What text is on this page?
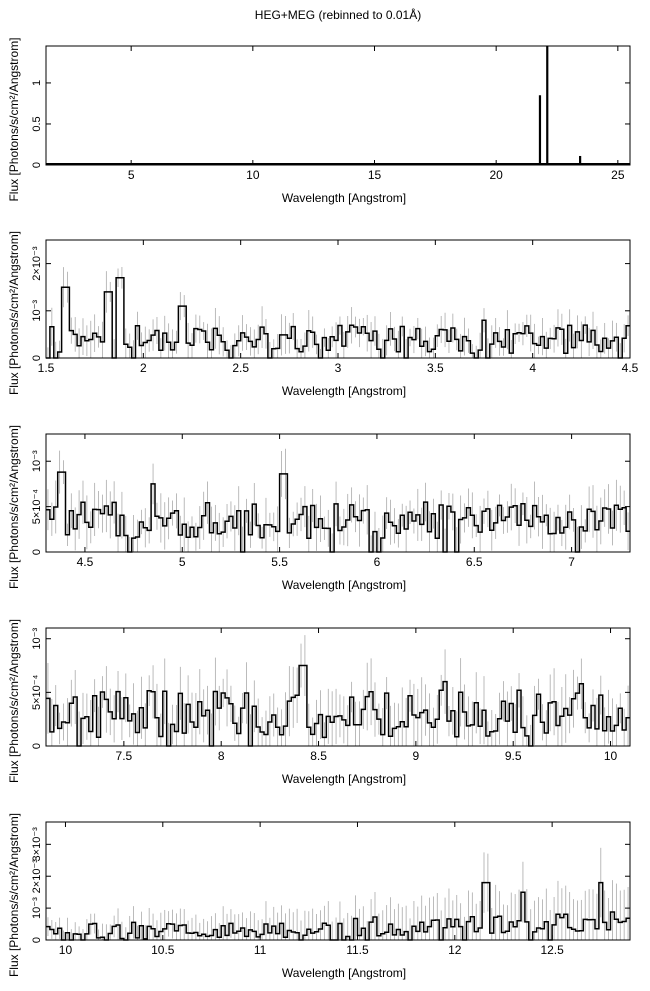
HEG+MEG (rebinned to 0.01Å)
5	10	15	20	25
0
0.5
1
Wavelength [Angstrom]
Flux [Photons/s/cm²/Angstrom]
1.5	2	2.5	3	3.5	4	4.5
0
10⁻³
2×10⁻³
Wavelength [Angstrom]
Flux [Photons/s/cm²/Angstrom]
4.5	5	5.5	6	6.5	7
0
5×10⁻⁴
10⁻³
Wavelength [Angstrom]
Flux [Photons/s/cm²/Angstrom]
7.5	8	8.5	9	9.5	10
0
5×10⁻⁴
10⁻³
Wavelength [Angstrom]
Flux [Photons/s/cm²/Angstrom]
10	10.5	11	11.5	12	12.5
0
10⁻³
2×10⁻³
3×10⁻³
Wavelength [Angstrom]
Flux [Photons/s/cm²/Angstrom]
